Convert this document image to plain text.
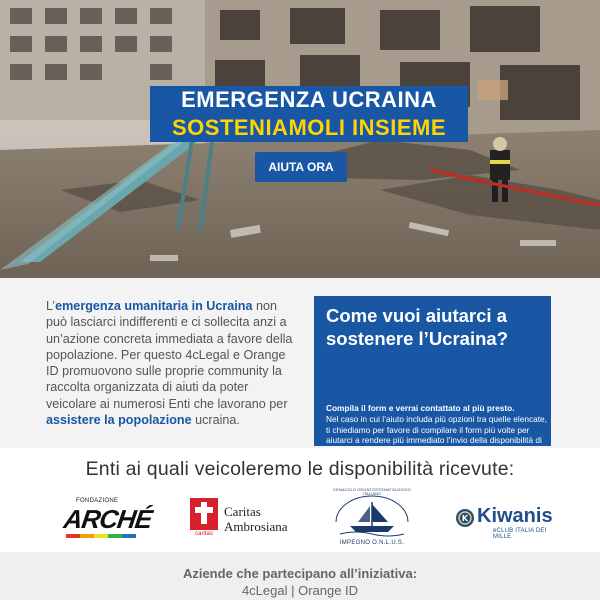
EMERGENZA UCRAINA
SOSTENIAMOLI INSIEME
AIUTA ORA
L’emergenza umanitaria in Ucraina non può lasciarci indifferenti e ci sollecita anzi a un’azione concreta immediata a favore della popolazione. Per questo 4cLegal e Orange ID promuovono sulle proprie community la raccolta organizzata di aiuti da poter veicolare ai numerosi Enti che lavorano per assistere la popolazione ucraina.
Come vuoi aiutarci a sostenere l’Ucraina?
Compila il form e verrai contattato al più presto.
Nel caso in cui l’aiuto includa più opzioni tra quelle elencate, ti chiediamo per favore di compilare il form più volte per aiutarci a rendere più immediato l’invio della disponibilità di
Enti ai quali veicoleremo le disponibilità ricevute:
FONDAZIONE
ARCHÉ	caritas
Caritas
Ambrosiana
CENACOLO ODONTOSTOMATOLOGICO ITALIANO
IMPEGNO O.N.L.U.S.
K Kiwanis
eCLUB ITALIA DEI MILLE
Aziende che partecipano all’iniziativa:
4cLegal | Orange ID
